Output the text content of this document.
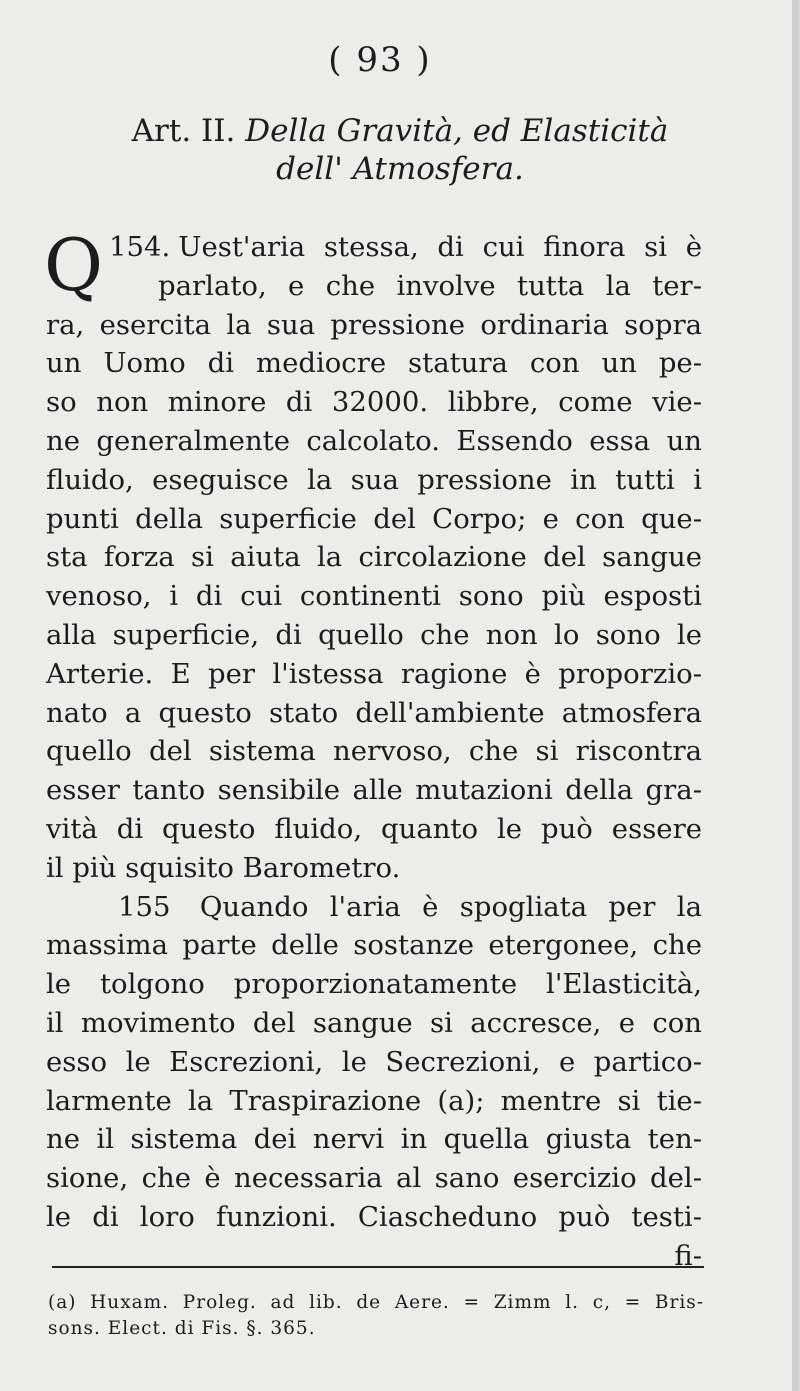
( 93 )
Art. II. Della Gravità, ed Elasticità
dell' Atmosfera.
154.
Q	Uest'aria stessa, di cui finora si è
parlato, e che involve tutta la ter-
ra, esercita la sua pressione ordinaria sopra
un Uomo di mediocre statura con un pe-
so non minore di 32000. libbre, come vie-
ne generalmente calcolato. Essendo essa un
fluido, eseguisce la sua pressione in tutti i
punti della superficie del Corpo; e con que-
sta forza si aiuta la circolazione del sangue
venoso, i di cui continenti sono più esposti
alla superficie, di quello che non lo sono le
Arterie. E per l'istessa ragione è proporzio-
nato a questo stato dell'ambiente atmosfera
quello del sistema nervoso, che si riscontra
esser tanto sensibile alle mutazioni della gra-
vità di questo fluido, quanto le può essere
il più squisito Barometro.
155 Quando l'aria è spogliata per la
massima parte delle sostanze etergonee, che
le tolgono proporzionatamente l'Elasticità,
il movimento del sangue si accresce, e con
esso le Escrezioni, le Secrezioni, e partico-
larmente la Traspirazione (a); mentre si tie-
ne il sistema dei nervi in quella giusta ten-
sione, che è necessaria al sano esercizio del-
le di loro funzioni. Ciascheduno può testi-
fi-
(a) Huxam. Proleg. ad lib. de Aere. = Zimm l. c, = Bris-
sons. Elect. di Fis. §. 365.
